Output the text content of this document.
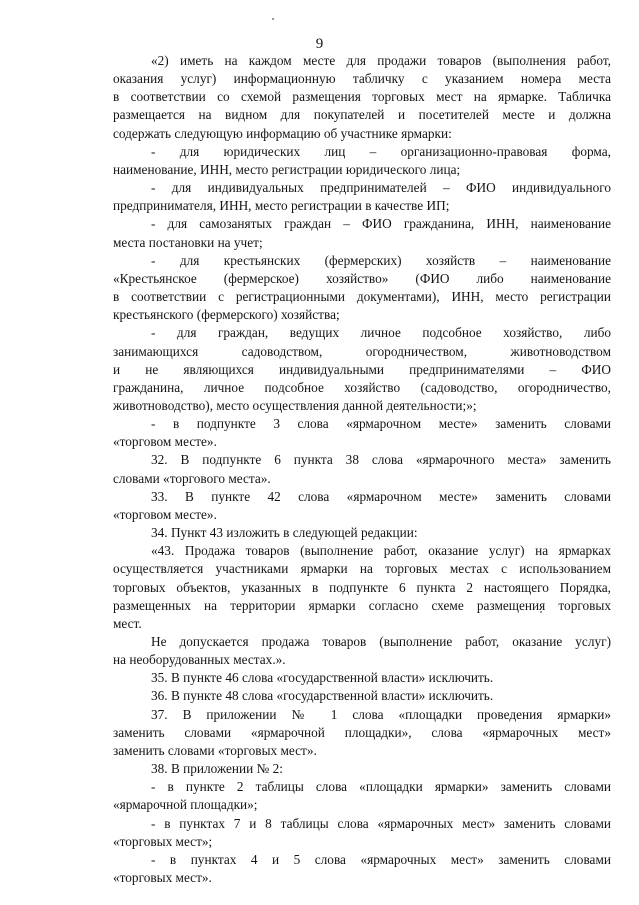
9
«2) иметь на каждом месте для продажи товаров (выполнения работ,
оказания услуг) информационную табличку с указанием номера места
в соответствии со схемой размещения торговых мест на ярмарке. Табличка
размещается на видном для покупателей и посетителей месте и должна
содержать следующую информацию об участнике ярмарки:
- для юридических лиц – организационно-правовая форма,
наименование, ИНН, место регистрации юридического лица;
- для индивидуальных предпринимателей – ФИО индивидуального
предпринимателя, ИНН, место регистрации в качестве ИП;
- для самозанятых граждан – ФИО гражданина, ИНН, наименование
места постановки на учет;
- для крестьянских (фермерских) хозяйств – наименование
«Крестьянское (фермерское) хозяйство» (ФИО либо наименование
в соответствии с регистрационными документами), ИНН, место регистрации
крестьянского (фермерского) хозяйства;
- для граждан, ведущих личное подсобное хозяйство, либо
занимающихся садоводством, огородничеством, животноводством
и не являющихся индивидуальными предпринимателями – ФИО
гражданина, личное подсобное хозяйство (садоводство, огородничество,
животноводство), место осуществления данной деятельности;»;
- в подпункте 3 слова «ярмарочном месте» заменить словами
«торговом месте».
32. В подпункте 6 пункта 38 слова «ярмарочного места» заменить
словами «торгового места».
33. В пункте 42 слова «ярмарочном месте» заменить словами
«торговом месте».
34. Пункт 43 изложить в следующей редакции:
«43. Продажа товаров (выполнение работ, оказание услуг) на ярмарках
осуществляется участниками ярмарки на торговых местах с использованием
торговых объектов, указанных в подпункте 6 пункта 2 настоящего Порядка,
размещенных на территории ярмарки согласно схеме размещения торговых
мест.
Не допускается продажа товаров (выполнение работ, оказание услуг)
на необорудованных местах.».
35. В пункте 46 слова «государственной власти» исключить.
36. В пункте 48 слова «государственной власти» исключить.
37. В приложении № 1 слова «площадки проведения ярмарки»
заменить словами «ярмарочной площадки», слова «ярмарочных мест»
заменить словами «торговых мест».
38. В приложении № 2:
- в пункте 2 таблицы слова «площадки ярмарки» заменить словами
«ярмарочной площадки»;
- в пунктах 7 и 8 таблицы слова «ярмарочных мест» заменить словами
«торговых мест»;
- в пунктах 4 и 5 слова «ярмарочных мест» заменить словами
«торговых мест».
